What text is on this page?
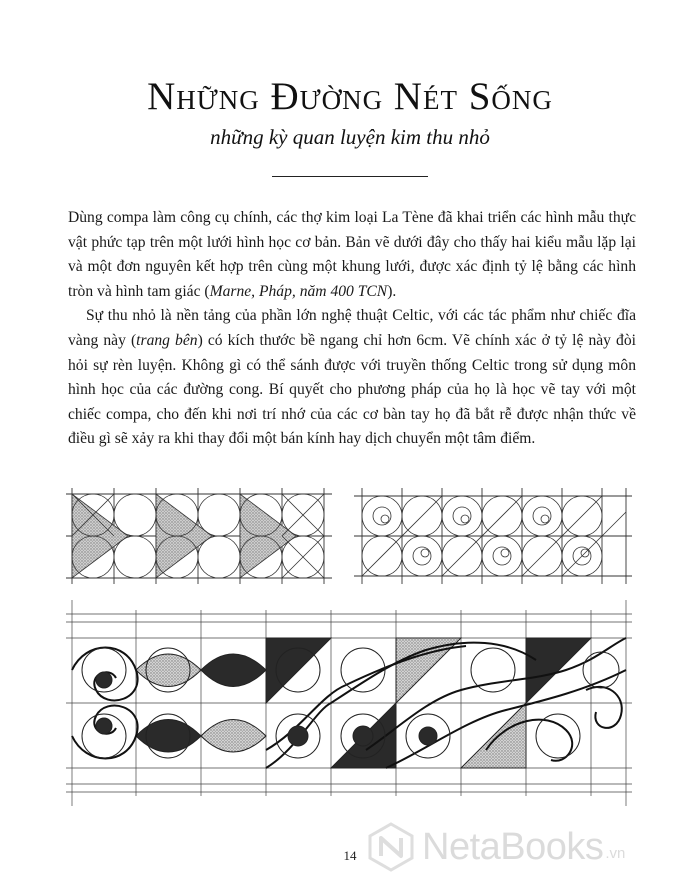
Những Đường Nét Sống
những kỳ quan luyện kim thu nhỏ

Dùng compa làm công cụ chính, các thợ kim loại La Tène đã khai triển các hình mẫu thực vật phức tạp trên một lưới hình học cơ bản. Bản vẽ dưới đây cho thấy hai kiểu mẫu lặp lại và một đơn nguyên kết hợp trên cùng một khung lưới, được xác định tỷ lệ bằng các hình tròn và hình tam giác (Marne, Pháp, năm 400 TCN).

Sự thu nhỏ là nền tảng của phần lớn nghệ thuật Celtic, với các tác phẩm như chiếc đĩa vàng này (trang bên) có kích thước bề ngang chỉ hơn 6cm. Vẽ chính xác ở tỷ lệ này đòi hỏi sự rèn luyện. Không gì có thể sánh được với truyền thống Celtic trong sử dụng môn hình học của các đường cong. Bí quyết cho phương pháp của họ là học vẽ tay với một chiếc compa, cho đến khi nơi trí nhớ của các cơ bàn tay họ đã bắt rễ được nhận thức về điều gì sẽ xảy ra khi thay đổi một bán kính hay dịch chuyển một tâm điểm.

14	NetaBooks .vn
